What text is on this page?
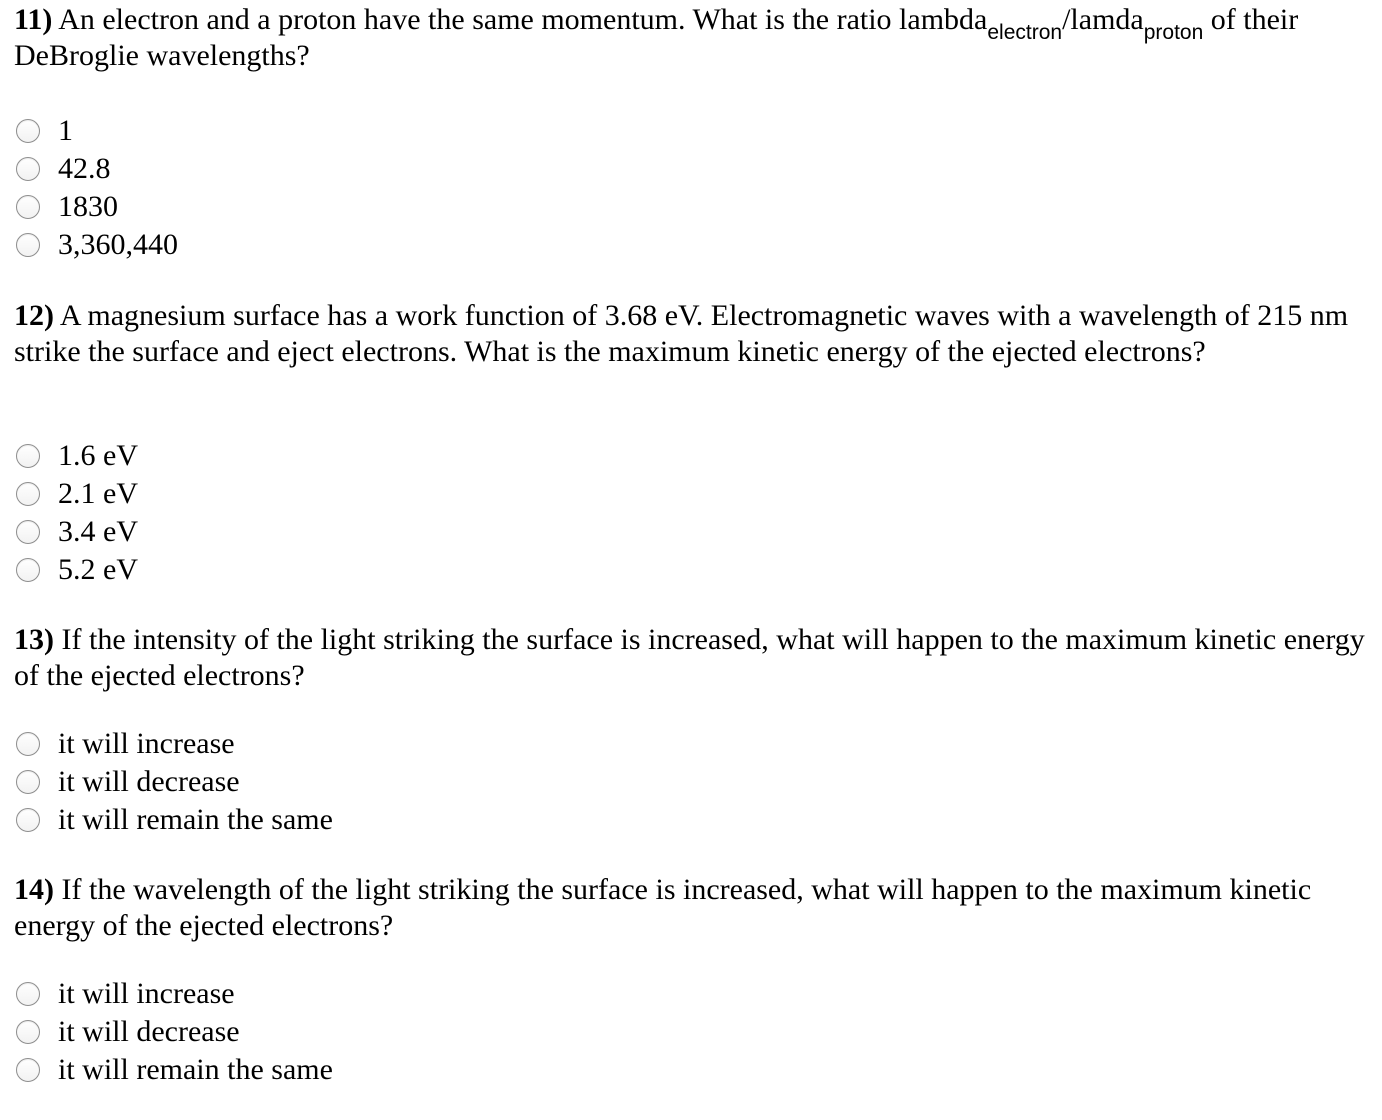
11) An electron and a proton have the same momentum. What is the ratio lambda$_{electron}$/lamda$_{proton}$ of their DeBroglie wavelengths?

1
42.8
1830
3,360,440

12) A magnesium surface has a work function of 3.68 eV. Electromagnetic waves with a wavelength of 215 nm strike the surface and eject electrons. What is the maximum kinetic energy of the ejected electrons?

1.6 eV
2.1 eV
3.4 eV
5.2 eV

13) If the intensity of the light striking the surface is increased, what will happen to the maximum kinetic energy of the ejected electrons?

it will increase
it will decrease
it will remain the same

14) If the wavelength of the light striking the surface is increased, what will happen to the maximum kinetic energy of the ejected electrons?

it will increase
it will decrease
it will remain the same
